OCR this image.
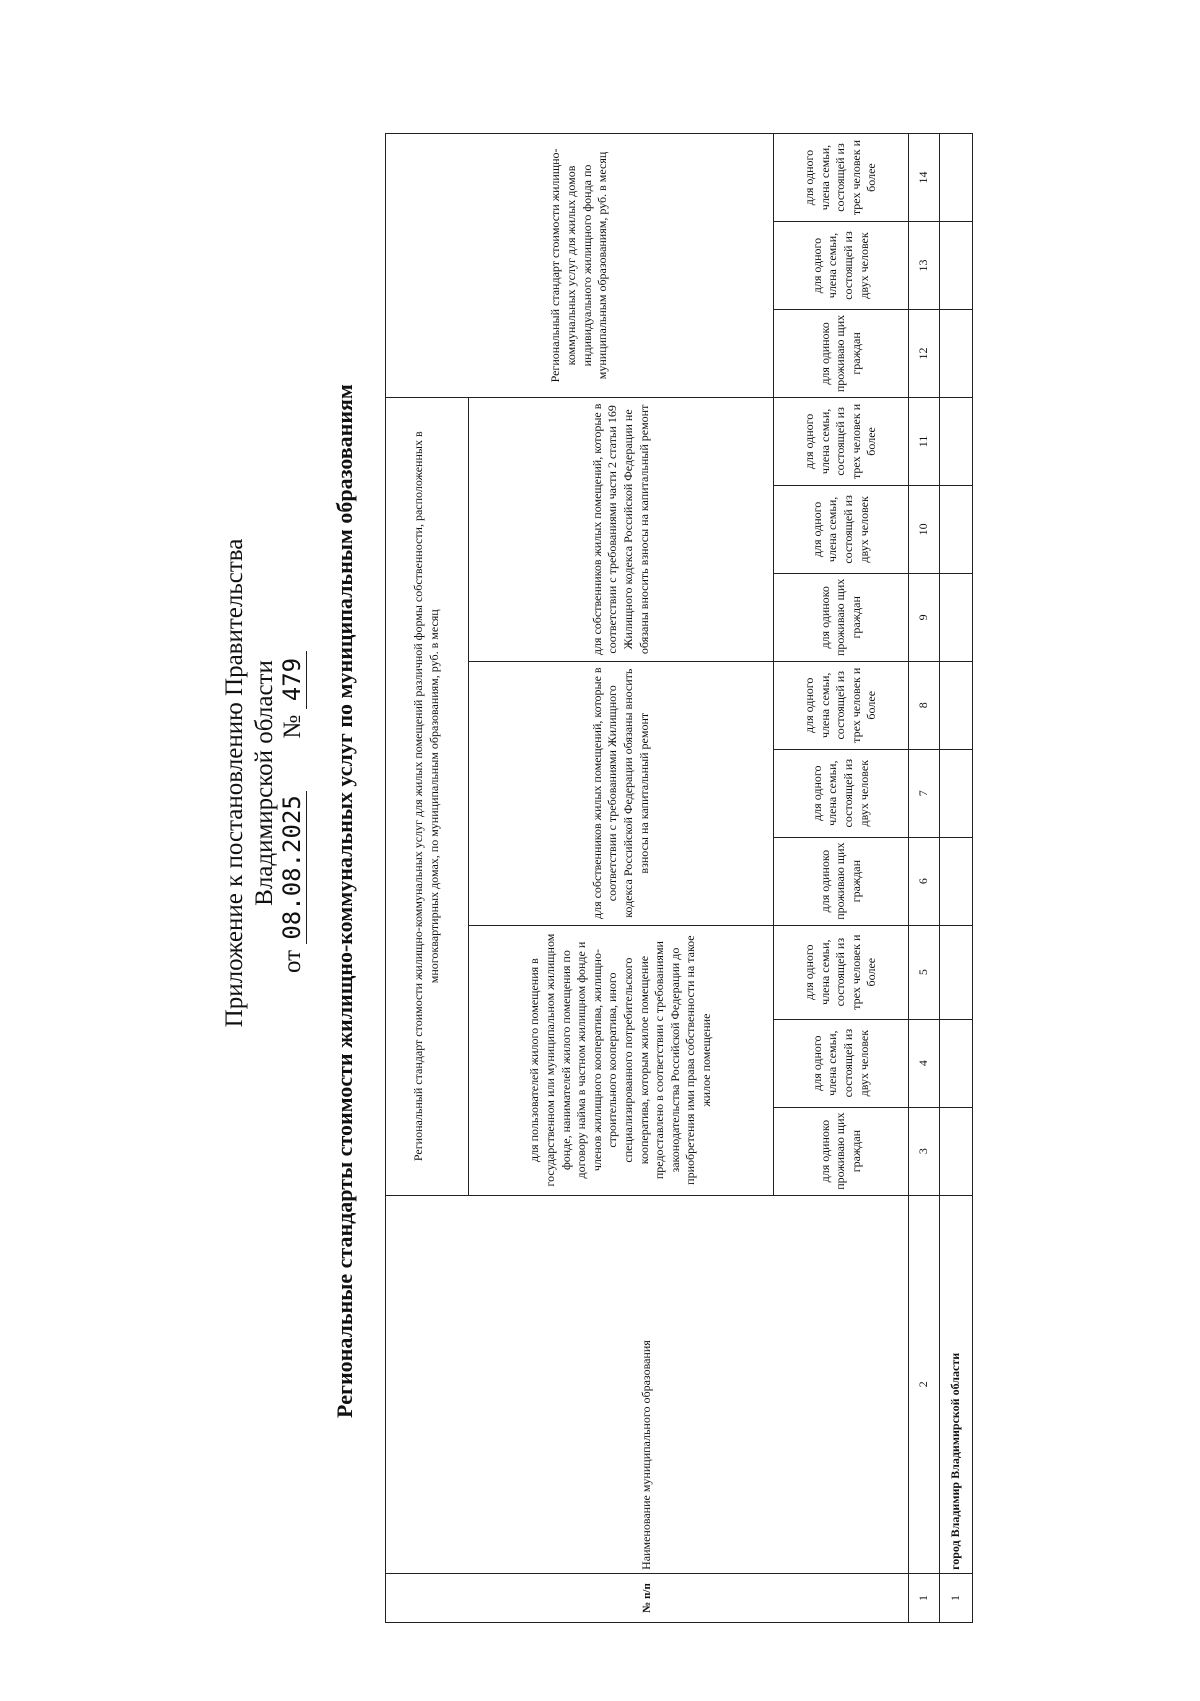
Приложение к постановлению Правительства Владимирской области
от 08.08.2025  № 479 Региональные стандарты стоимости жилищно-коммунальных услуг по муниципальным образованиям
№ п/п	Наименование муниципального образования	Региональный стандарт стоимости жилищно-коммунальных услуг для жилых помещений различной формы собственности, расположенных в многоквартирных домах, по муниципальным образованиям, руб. в месяц									Региональный стандарт стоимости жилищно-коммунальных услуг для жилых домов индивидуального жилищного фонда по муниципальным образованиям, руб. в месяц		
		для пользователей жилого помещения в государственном или муниципальном жилищном фонде, нанимателей жилого помещения по договору найма в частном жилищном фонде и членов жилищного кооператива, жилищно-строительного кооператива, иного специализированного потребительского кооператива, которым жилое помещение предоставлено в соответствии с требованиями законодательства Российской Федерации до приобретения ими права собственности на такое жилое помещение			для собственников жилых помещений, которые в соответствии с требованиями Жилищного кодекса Российской Федерации обязаны вносить взносы на капитальный ремонт			для собственников жилых помещений, которые в соответствии с требованиями части 2 статьи 169 Жилищного кодекса Российской Федерации не обязаны вносить взносы на капитальный ремонт					
		для одиноко проживаю щих граждан	для одного члена семьи, состоящей из двух человек	для одного члена семьи, состоящей из трех человек и более	для одиноко проживаю щих граждан	для одного члена семьи, состоящей из двух человек	для одного члена семьи, состоящей из трех человек и более	для одиноко проживаю щих граждан	для одного члена семьи, состоящей из двух человек	для одного члена семьи, состоящей из трех человек и более	для одиноко проживаю щих граждан	для одного члена семьи, состоящей из двух человек	для одного члена семьи, состоящей из трех человек и более
1	2	3	4	5	6	7	8	9	10	11	12	13	14
1	город Владимир Владимирской области												
